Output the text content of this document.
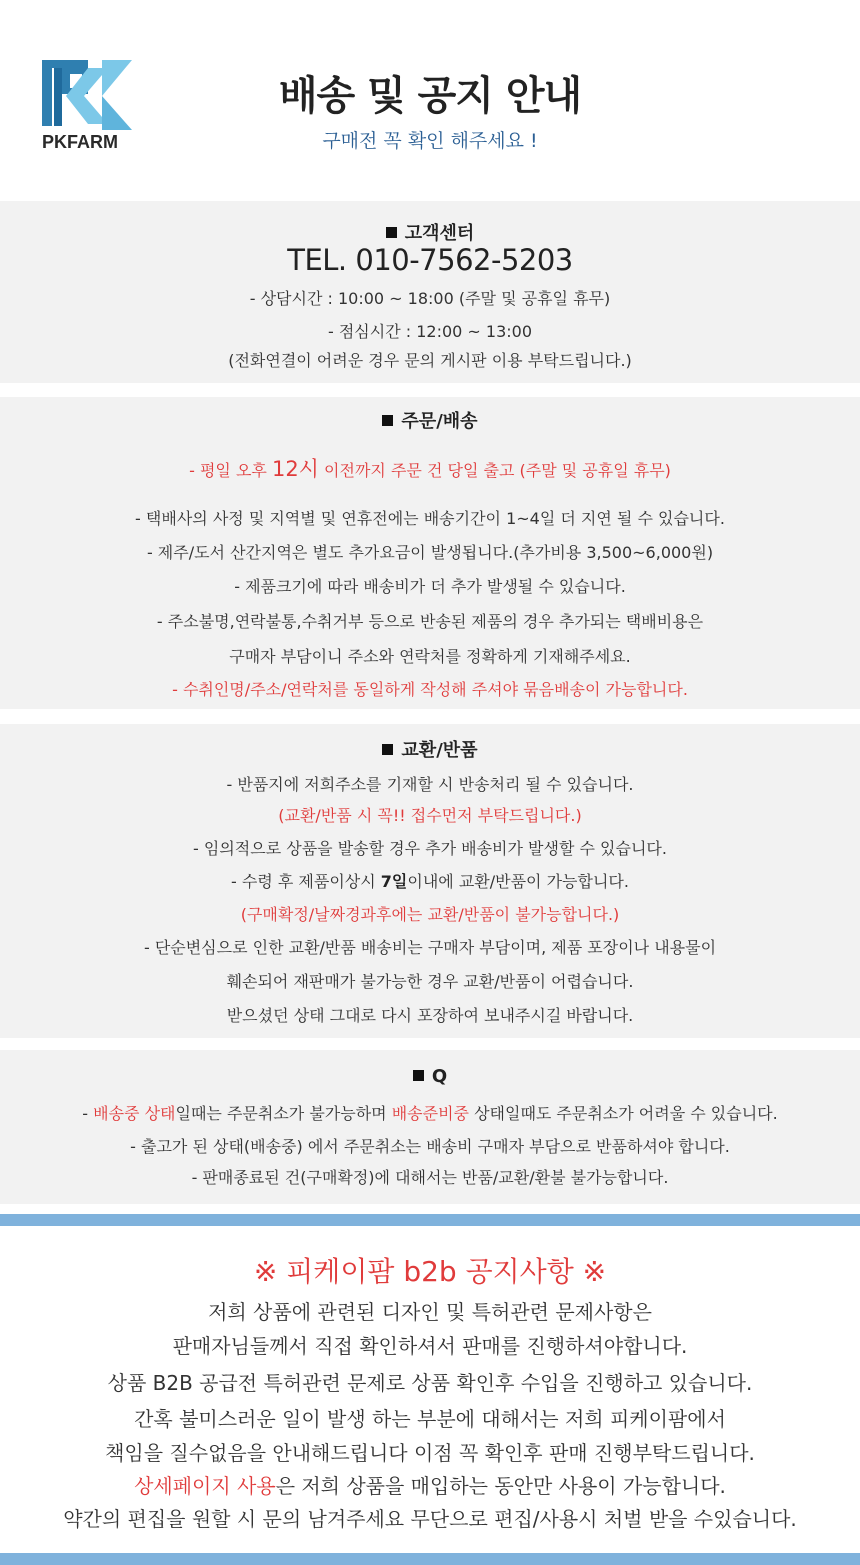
PKFARM
배송 및 공지 안내
구매전 꼭 확인 해주세요 !
고객센터
TEL. 010-7562-5203
- 상담시간 : 10:00 ~ 18:00 (주말 및 공휴일 휴무)
- 점심시간 : 12:00 ~ 13:00
(전화연결이 어려운 경우 문의 게시판 이용 부탁드립니다.)
주문/배송
- 평일 오후 12시 이전까지 주문 건 당일 출고 (주말 및 공휴일 휴무)
- 택배사의 사정 및 지역별 및 연휴전에는 배송기간이 1~4일 더 지연 될 수 있습니다.
- 제주/도서 산간지역은 별도 추가요금이 발생됩니다.(추가비용 3,500~6,000원)
- 제품크기에 따라 배송비가 더 추가 발생될 수 있습니다.
- 주소불명,연락불통,수취거부 등으로 반송된 제품의 경우 추가되는 택배비용은
구매자 부담이니 주소와 연락처를 정확하게 기재해주세요.
- 수취인명/주소/연락처를 동일하게 작성해 주셔야 묶음배송이 가능합니다.
교환/반품
- 반품지에 저희주소를 기재할 시 반송처리 될 수 있습니다.
(교환/반품 시 꼭!! 접수먼저 부탁드립니다.)
- 임의적으로 상품을 발송할 경우 추가 배송비가 발생할 수 있습니다.
- 수령 후 제품이상시 7일이내에 교환/반품이 가능합니다.
(구매확정/날짜경과후에는 교환/반품이 불가능합니다.)
- 단순변심으로 인한 교환/반품 배송비는 구매자 부담이며, 제품 포장이나 내용물이
훼손되어 재판매가 불가능한 경우 교환/반품이 어렵습니다.
받으셨던 상태 그대로 다시 포장하여 보내주시길 바랍니다.
Q
- 배송중 상태일때는 주문취소가 불가능하며 배송준비중 상태일때도 주문취소가 어려울 수 있습니다.
- 출고가 된 상태(배송중) 에서 주문취소는 배송비 구매자 부담으로 반품하셔야 합니다.
- 판매종료된 건(구매확정)에 대해서는 반품/교환/환불 불가능합니다.
※ 피케이팜 b2b 공지사항 ※
저희 상품에 관련된 디자인 및 특허관련 문제사항은
판매자님들께서 직접 확인하셔서 판매를 진행하셔야합니다.
상품 B2B 공급전 특허관련 문제로 상품 확인후 수입을 진행하고 있습니다.
간혹 불미스러운 일이 발생 하는 부분에 대해서는 저희 피케이팜에서
책임을 질수없음을 안내해드립니다 이점 꼭 확인후 판매 진행부탁드립니다.
상세페이지 사용은 저희 상품을 매입하는 동안만 사용이 가능합니다.
약간의 편집을 원할 시 문의 남겨주세요 무단으로 편집/사용시 처벌 받을 수있습니다.
